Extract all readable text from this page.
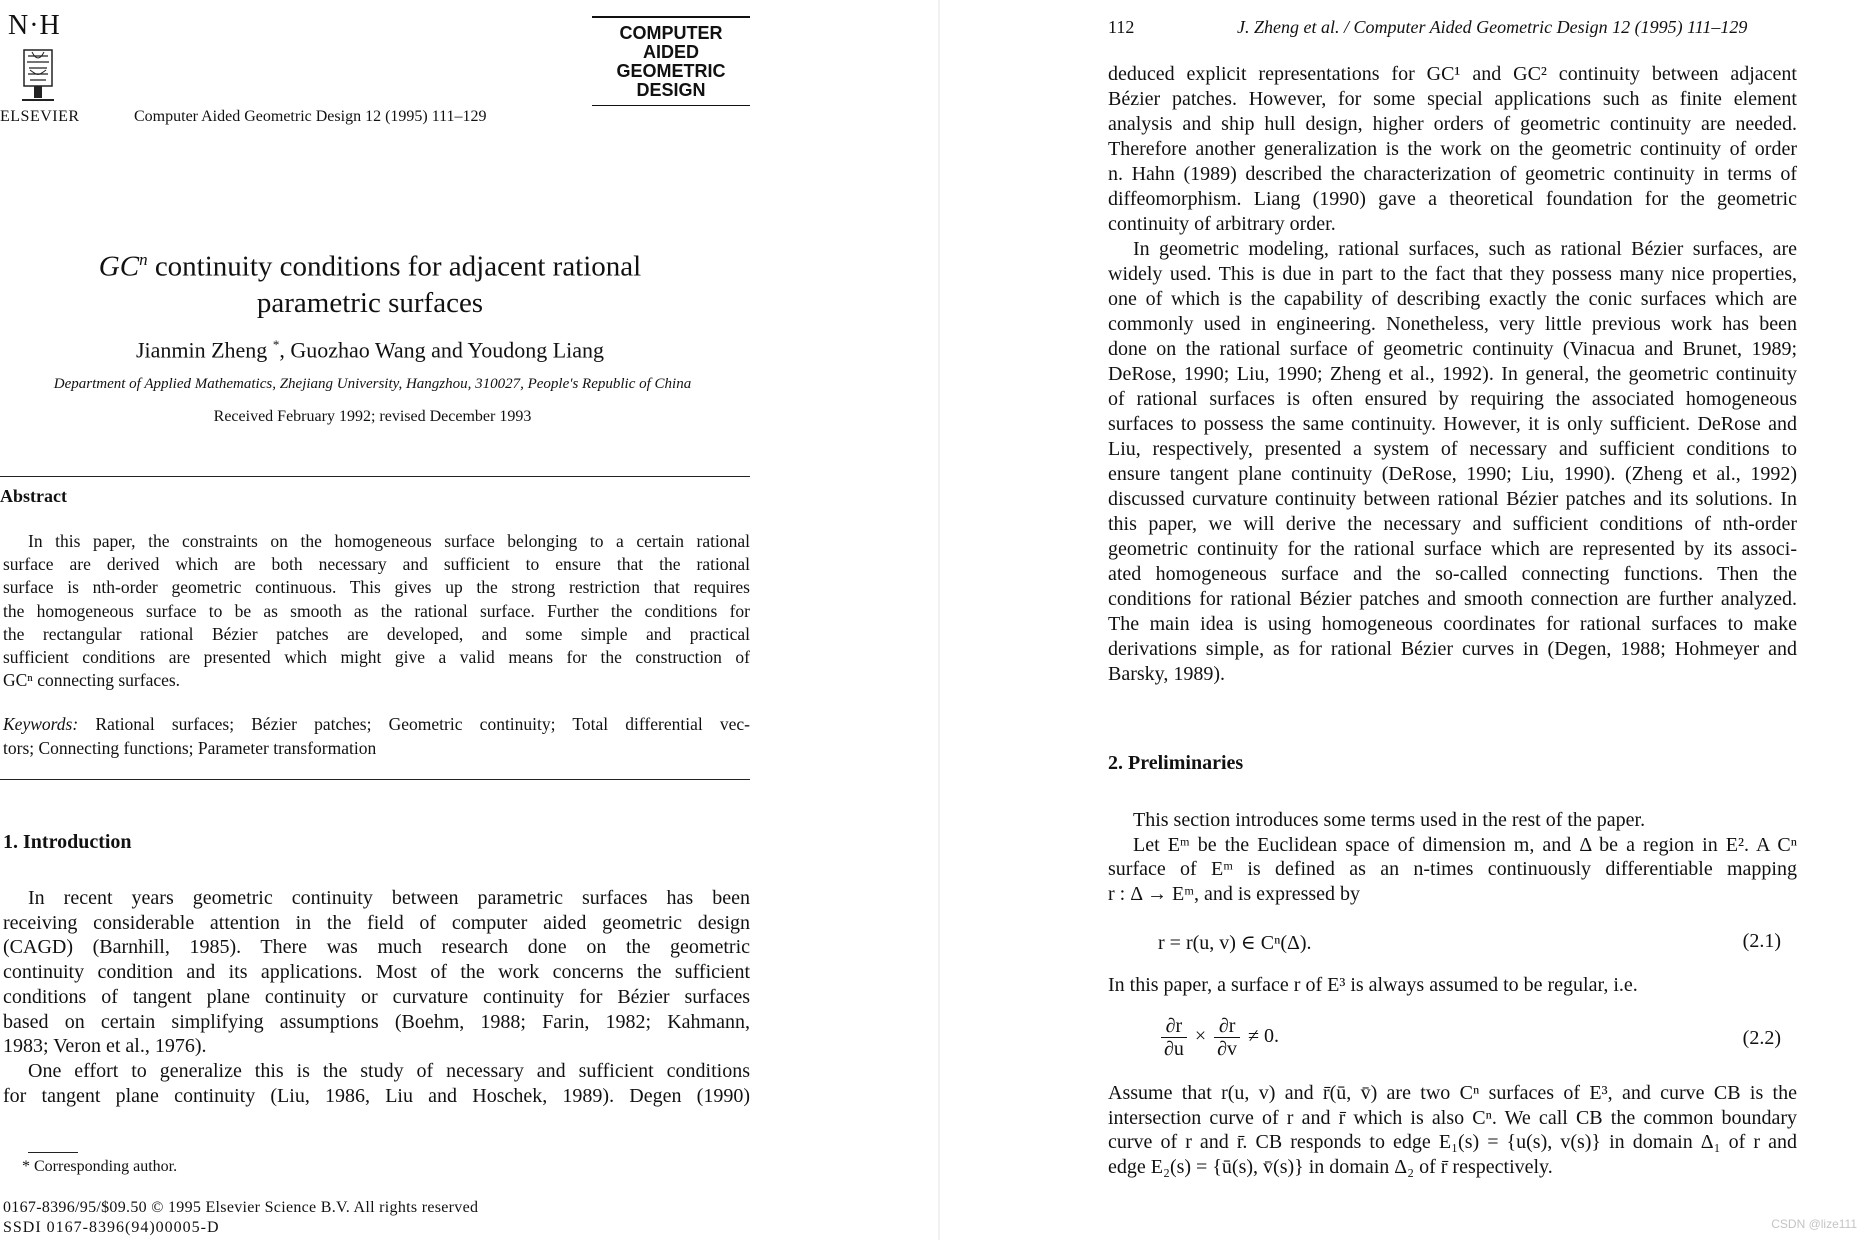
N·H
ELSEVIER	Computer Aided Geometric Design 12 (1995) 111–129
COMPUTER
AIDED
GEOMETRIC
DESIGN
$GC^n$ continuity conditions for adjacent rational
parametric surfaces
Jianmin Zheng *, Guozhao Wang and Youdong Liang
Department of Applied Mathematics, Zhejiang University, Hangzhou, 310027, People's Republic of China
Received February 1992; revised December 1993
Abstract
In this paper, the constraints on the homogeneous surface belonging to a certain rational
surface are derived which are both necessary and sufficient to ensure that the rational
surface is nth-order geometric continuous. This gives up the strong restriction that requires
the homogeneous surface to be as smooth as the rational surface. Further the conditions for
the rectangular rational Bézier patches are developed, and some simple and practical
sufficient conditions are presented which might give a valid means for the construction of
GCⁿ connecting surfaces.
Keywords: Rational surfaces; Bézier patches; Geometric continuity; Total differential vec-
tors; Connecting functions; Parameter transformation
1. Introduction
In recent years geometric continuity between parametric surfaces has been
receiving considerable attention in the field of computer aided geometric design
(CAGD) (Barnhill, 1985). There was much research done on the geometric
continuity condition and its applications. Most of the work concerns the sufficient
conditions of tangent plane continuity or curvature continuity for Bézier surfaces
based on certain simplifying assumptions (Boehm, 1988; Farin, 1982; Kahmann,
1983; Veron et al., 1976).
One effort to generalize this is the study of necessary and sufficient conditions
for tangent plane continuity (Liu, 1986, Liu and Hoschek, 1989). Degen (1990)
* Corresponding author.
0167-8396/95/$09.50 © 1995 Elsevier Science B.V. All rights reserved
SSDI 0167-8396(94)00005-D
112	J. Zheng et al. / Computer Aided Geometric Design 12 (1995) 111–129
deduced explicit representations for GC¹ and GC² continuity between adjacent
Bézier patches. However, for some special applications such as finite element
analysis and ship hull design, higher orders of geometric continuity are needed.
Therefore another generalization is the work on the geometric continuity of order
n. Hahn (1989) described the characterization of geometric continuity in terms of
diffeomorphism. Liang (1990) gave a theoretical foundation for the geometric
continuity of arbitrary order.
In geometric modeling, rational surfaces, such as rational Bézier surfaces, are
widely used. This is due in part to the fact that they possess many nice properties,
one of which is the capability of describing exactly the conic surfaces which are
commonly used in engineering. Nonetheless, very little previous work has been
done on the rational surface of geometric continuity (Vinacua and Brunet, 1989;
DeRose, 1990; Liu, 1990; Zheng et al., 1992). In general, the geometric continuity
of rational surfaces is often ensured by requiring the associated homogeneous
surfaces to possess the same continuity. However, it is only sufficient. DeRose and
Liu, respectively, presented a system of necessary and sufficient conditions to
ensure tangent plane continuity (DeRose, 1990; Liu, 1990). (Zheng et al., 1992)
discussed curvature continuity between rational Bézier patches and its solutions. In
this paper, we will derive the necessary and sufficient conditions of nth-order
geometric continuity for the rational surface which are represented by its associ-
ated homogeneous surface and the so-called connecting functions. Then the
conditions for rational Bézier patches and smooth connection are further analyzed.
The main idea is using homogeneous coordinates for rational surfaces to make
derivations simple, as for rational Bézier curves in (Degen, 1988; Hohmeyer and
Barsky, 1989).
2. Preliminaries
This section introduces some terms used in the rest of the paper.
Let Eᵐ be the Euclidean space of dimension m, and Δ be a region in E². A Cⁿ
surface of Eᵐ is defined as an n-times continuously differentiable mapping
r : Δ → Eᵐ, and is expressed by
r = r(u, v) ∈ Cⁿ(Δ).	(2.1)
In this paper, a surface r of E³ is always assumed to be regular, i.e.
$\frac{\partial r}{\partial u} \times \frac{\partial r}{\partial v} \ne 0$.	(2.2)
Assume that r(u, v) and r̄(ū, v̄) are two Cⁿ surfaces of E³, and curve CB is the
intersection curve of r and r̄ which is also Cⁿ. We call CB the common boundary
curve of r and r̄. CB responds to edge E₁(s) = {u(s), v(s)} in domain Δ₁ of r and
edge E₂(s) = {ū(s), v̄(s)} in domain Δ₂ of r̄ respectively.
CSDN @lize111
